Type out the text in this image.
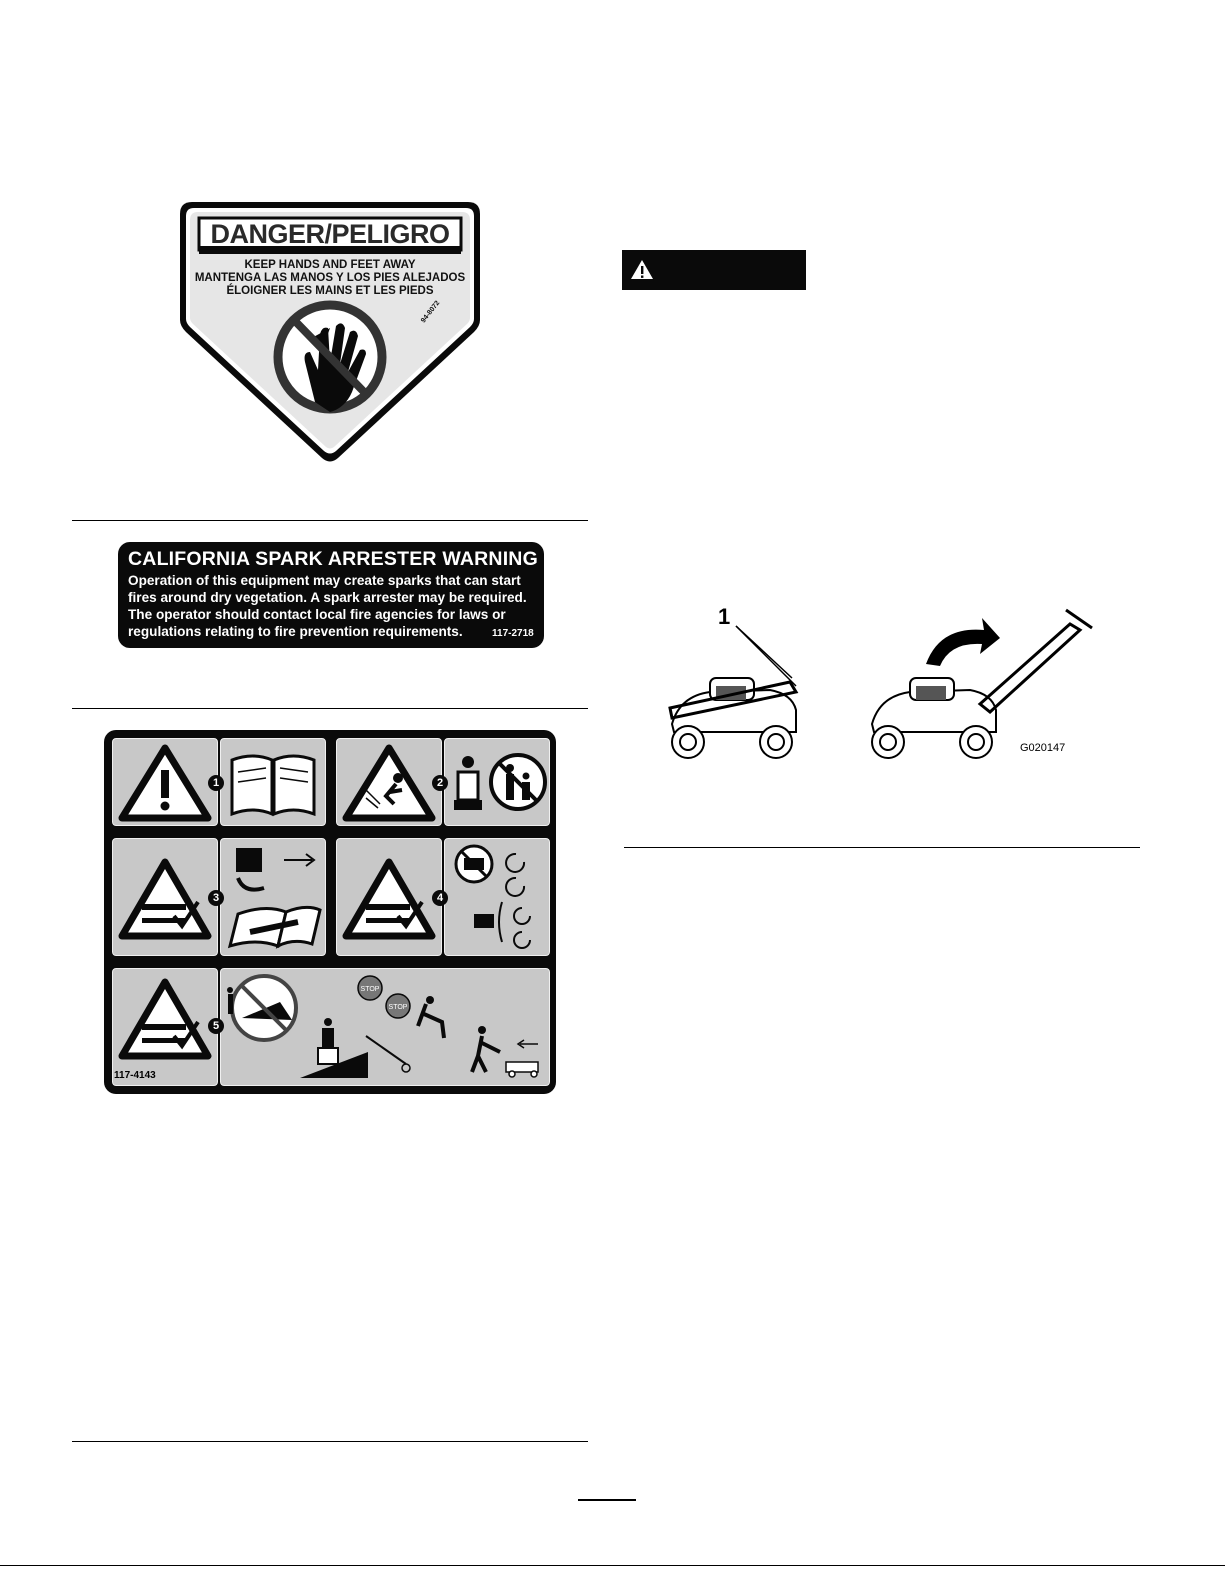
DANGER/PELIGRO
KEEP HANDS AND FEET AWAY
MANTENGA LAS MANOS Y LOS PIES ALEJADOS
ÉLOIGNER LES MAINS ET LES PIEDS
94-8072
CALIFORNIA SPARK ARRESTER WARNING
Operation of this equipment may create sparks that can start
fires around dry vegetation. A spark arrester may be required.
The operator should contact local fire agencies for laws or
regulations relating to fire prevention requirements.	117-2718
1	2
3	4
STOP
STOP
5
117-4143
1
G020147
